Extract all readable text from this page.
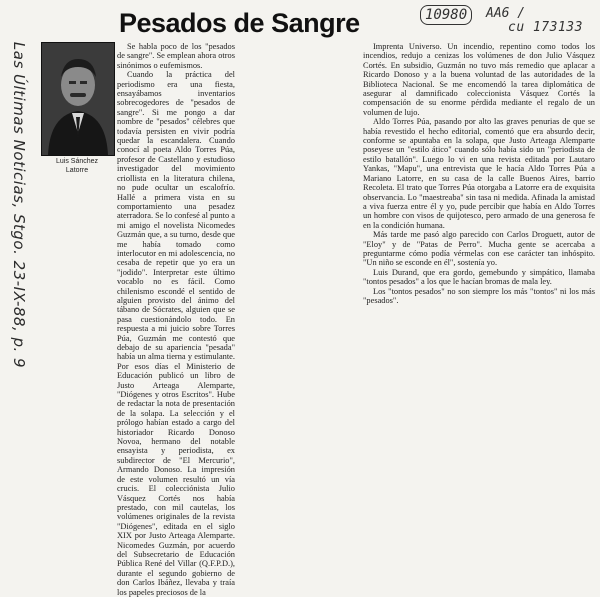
Las Últimas Noticias, Stgo. 23-IX-88, p. 9
10980	AA6 /
cu 173133
Pesados de Sangre
Luis Sánchez
Latorre

Se habla poco de los "pesados de sangre". Se emplean ahora otros sinónimos o eufemismos.

Cuando la práctica del periodismo era una fiesta, ensayábamos inventarios sobrecogedores de "pesados de sangre". Si me pongo a dar nombre de "pesados" célebres que todavía persisten en vivir podría quedar la escandalera. Cuando conocí al poeta Aldo Torres Púa, profesor de Castellano y estudioso investigador del movimiento criollista en la literatura chilena, no pude ocultar un escalofrío. Hallé a primera vista en su comportamiento una pesadez aterradora. Se lo confesé al punto a mi amigo el novelista Nicomedes Guzmán que, a su turno, desde que me había tomado como interlocutor en mi adolescencia, no cesaba de repetir que yo era un "jodido". Interpretar este último vocablo no es fácil. Como chilenismo escondé el sentido de alguien provisto del ánimo del tábano de Sócrates, alguien que se pasa cuestionándolo todo. En respuesta a mi juicio sobre Torres Púa, Guzmán me contestó que debajo de su apariencia "pesada" había un alma tierna y estimulante. Por esos días el Ministerio de Educación publicó un libro de Justo Arteaga Alemparte, "Diógenes y otros Escritos". Hube de redactar la nota de presentación de la solapa. La selección y el prólogo habían estado a cargo del historiador Ricardo Donoso Novoa, hermano del notable ensayista y periodista, ex subdirector de "El Mercurio", Armando Donoso. La impresión de este volumen resultó un vía crucis. El colecciónista Julio Vásquez Cortés nos había prestado, con mil cautelas, los volúmenes originales de la revista "Diógenes", editada en el siglo XIX por Justo Arteaga Alemparte. Nicomedes Guzmán, por acuerdo del Subsecretario de Educación Pública René del Villar (Q.F.P.D.), durante el segundo gobierno de don Carlos Ibáñez, llevaba y traía los papeles preciosos de la

Imprenta Universo. Un incendio, repentino como todos los incendios, redujo a cenizas los volúmenes de don Julio Vásquez Cortés. En subsidio, Guzmán no tuvo más remedio que aplacar a Ricardo Donoso y a la buena voluntad de las autoridades de la Biblioteca Nacional. Se me encomendó la tarea diplomática de asegurar al damnificado coleccionista Vásquez Cortés la compensación de su enorme pérdida mediante el regalo de un volumen de lujo.

Aldo Torres Púa, pasando por alto las graves penurias de que se había revestido el hecho editorial, comentó que era absurdo decir, conforme se apuntaba en la solapa, que Justo Arteaga Alemparte poseyese un "estilo ático" cuando sólo había sido un "periodista de estilo batallón". Luego lo vi en una revista editada por Lautaro Yankas, "Mapu", una entrevista que le hacía Aldo Torres Púa a Mariano Latorre, en su casa de la calle Buenos Aires, barrio Recoleta. El trato que Torres Púa otorgaba a Latorre era de exquisita observancia. Lo "maestreaba" sin tasa ni medida. Afinada la amistad a viva fuerza entre él y yo, pude percibir que había en Aldo Torres un hombre con visos de quijotesco, pero armado de una generosa fe en la condición humana.

Más tarde me pasó algo parecido con Carlos Droguett, autor de "Eloy" y de "Patas de Perro". Mucha gente se acercaba a preguntarme cómo podía vérmelas con ese carácter tan inhóspito. "Un niño se esconde en él", sostenía yo.

Luis Durand, que era gordo, gemebundo y simpático, llamaba "tontos pesados" a los que le hacían bromas de mala ley.

Los "tontos pesados" no son siempre los más "tontos" ni los más "pesados".
